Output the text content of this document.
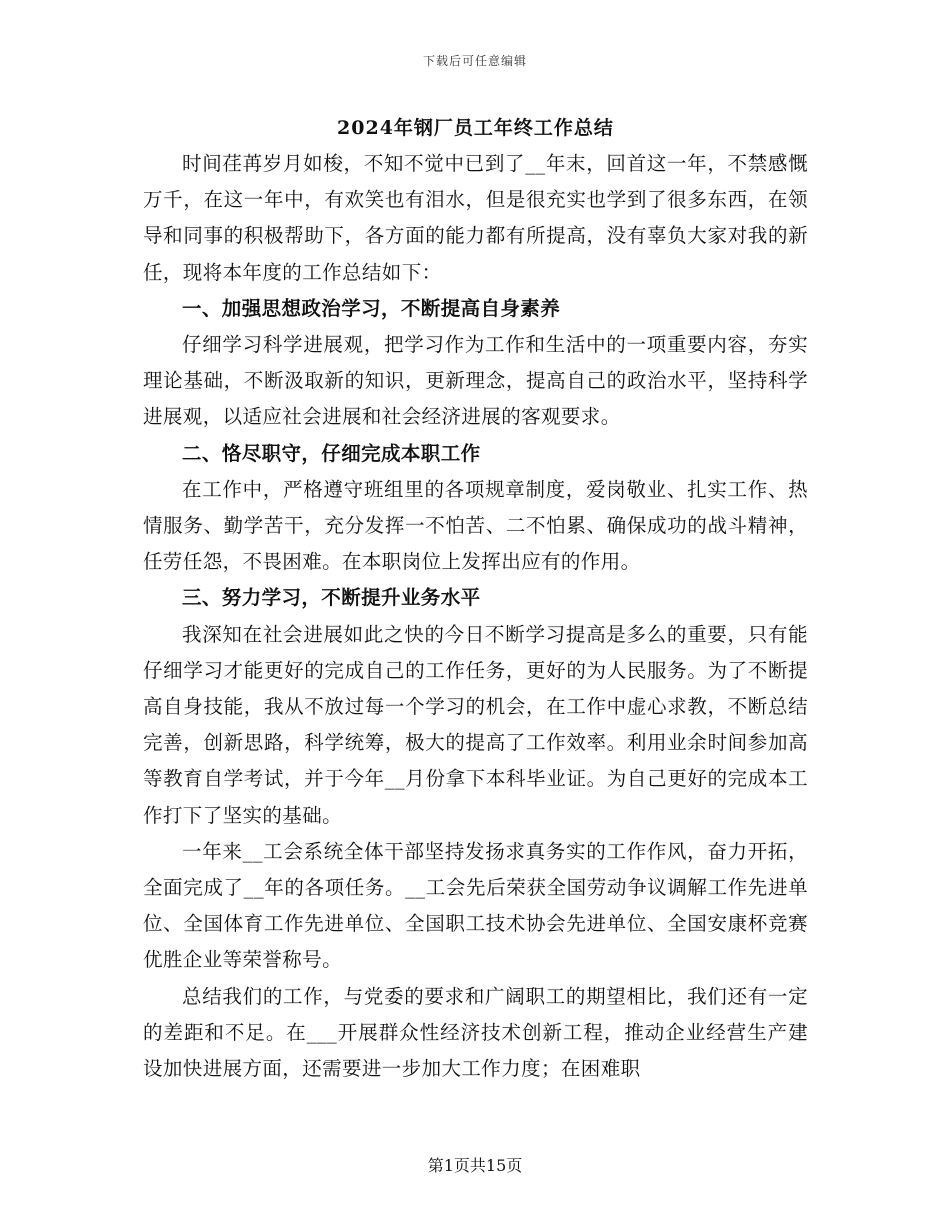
下载后可任意编辑
2024年钢厂员工年终工作总结

时间荏苒岁月如梭，不知不觉中已到了__年末，回首这一年，不禁感慨万千，在这一年中，有欢笑也有泪水，但是很充实也学到了很多东西，在领导和同事的积极帮助下，各方面的能力都有所提高，没有辜负大家对我的新任，现将本年度的工作总结如下：

一、加强思想政治学习，不断提高自身素养

仔细学习科学进展观，把学习作为工作和生活中的一项重要内容，夯实理论基础，不断汲取新的知识，更新理念，提高自己的政治水平，坚持科学进展观，以适应社会进展和社会经济进展的客观要求。

二、恪尽职守，仔细完成本职工作

在工作中，严格遵守班组里的各项规章制度，爱岗敬业、扎实工作、热情服务、勤学苦干，充分发挥一不怕苦、二不怕累、确保成功的战斗精神，任劳任怨，不畏困难。在本职岗位上发挥出应有的作用。

三、努力学习，不断提升业务水平

我深知在社会进展如此之快的今日不断学习提高是多么的重要，只有能仔细学习才能更好的完成自己的工作任务，更好的为人民服务。为了不断提高自身技能，我从不放过每一个学习的机会，在工作中虚心求教，不断总结完善，创新思路，科学统筹，极大的提高了工作效率。利用业余时间参加高等教育自学考试，并于今年__月份拿下本科毕业证。为自己更好的完成本工作打下了坚实的基础。

一年来__工会系统全体干部坚持发扬求真务实的工作作风，奋力开拓，全面完成了__年的各项任务。__工会先后荣获全国劳动争议调解工作先进单位、全国体育工作先进单位、全国职工技术协会先进单位、全国安康杯竞赛优胜企业等荣誉称号。

总结我们的工作，与党委的要求和广阔职工的期望相比，我们还有一定的差距和不足。在___开展群众性经济技术创新工程，推动企业经营生产建设加快进展方面，还需要进一步加大工作力度；在困难职

第1页共15页
